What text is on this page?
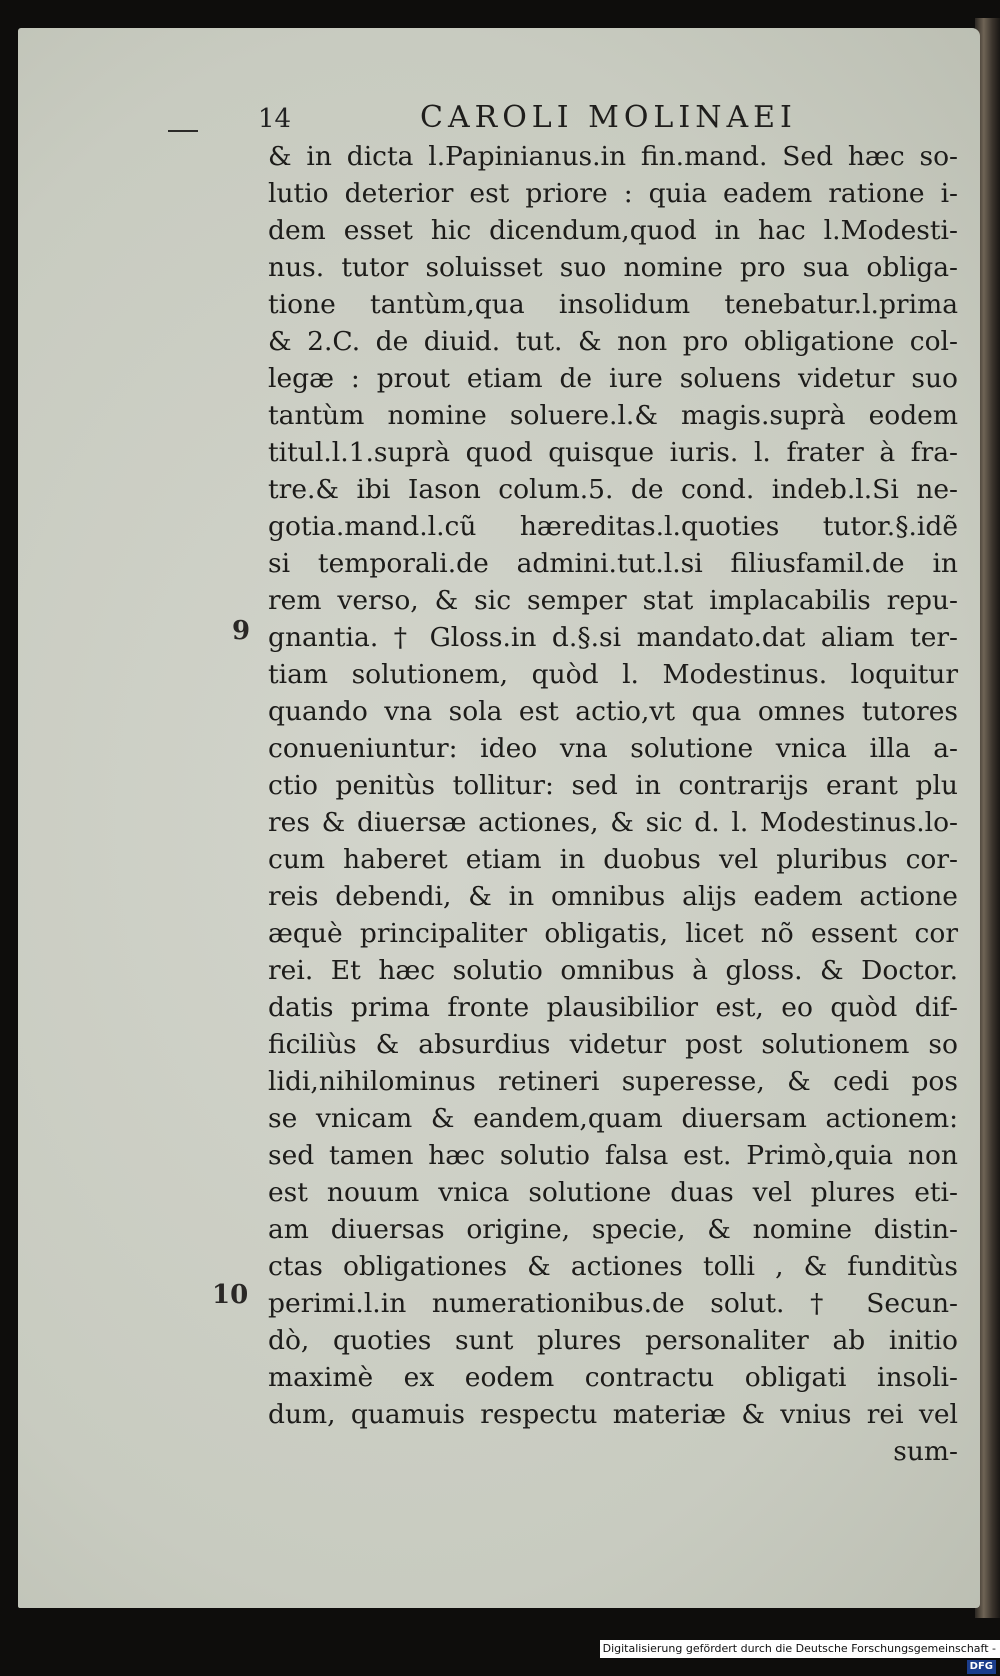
14	CAROLI MOLINAEI
9
10
& in dicta l.Papinianus.in fin.mand. Sed hæc so-
lutio deterior est priore : quia eadem ratione i-
dem esset hic dicendum,quod in hac l.Modesti-
nus. tutor soluisset suo nomine pro sua obliga-
tione tantùm,qua insolidum tenebatur.l.prima
& 2.C. de diuid. tut. & non pro obligatione col-
legæ : prout etiam de iure soluens videtur suo
tantùm nomine soluere.l.& magis.suprà eodem
titul.l.1.suprà quod quisque iuris. l. frater à fra-
tre.& ibi Iason colum.5. de cond. indeb.l.Si ne-
gotia.mand.l.cũ hæreditas.l.quoties tutor.§.idẽ
si temporali.de admini.tut.l.si filiusfamil.de in
rem verso, & sic semper stat implacabilis repu-
gnantia. † Gloss.in d.§.si mandato.dat aliam ter-
tiam solutionem, quòd l. Modestinus. loquitur
quando vna sola est actio,vt qua omnes tutores
conueniuntur: ideo vna solutione vnica illa a-
ctio penitùs tollitur: sed in contrarijs erant plu
res & diuersæ actiones, & sic d. l. Modestinus.lo-
cum haberet etiam in duobus vel pluribus cor-
reis debendi, & in omnibus alijs eadem actione
æquè principaliter obligatis, licet nõ essent cor
rei. Et hæc solutio omnibus à gloss. & Doctor.
datis prima fronte plausibilior est, eo quòd dif-
ficiliùs & absurdius videtur post solutionem so
lidi,nihilominus retineri superesse, & cedi pos
se vnicam & eandem,quam diuersam actionem:
sed tamen hæc solutio falsa est. Primò,quia non
est nouum vnica solutione duas vel plures eti-
am diuersas origine, specie, & nomine distin-
ctas obligationes & actiones tolli , & funditùs
perimi.l.in numerationibus.de solut. † Secun-
dò, quoties sunt plures personaliter ab initio
maximè ex eodem contractu obligati insoli-
dum, quamuis respectu materiæ & vnius rei vel
sum-
Digitalisierung gefördert durch die Deutsche Forschungsgemeinschaft - DFG
